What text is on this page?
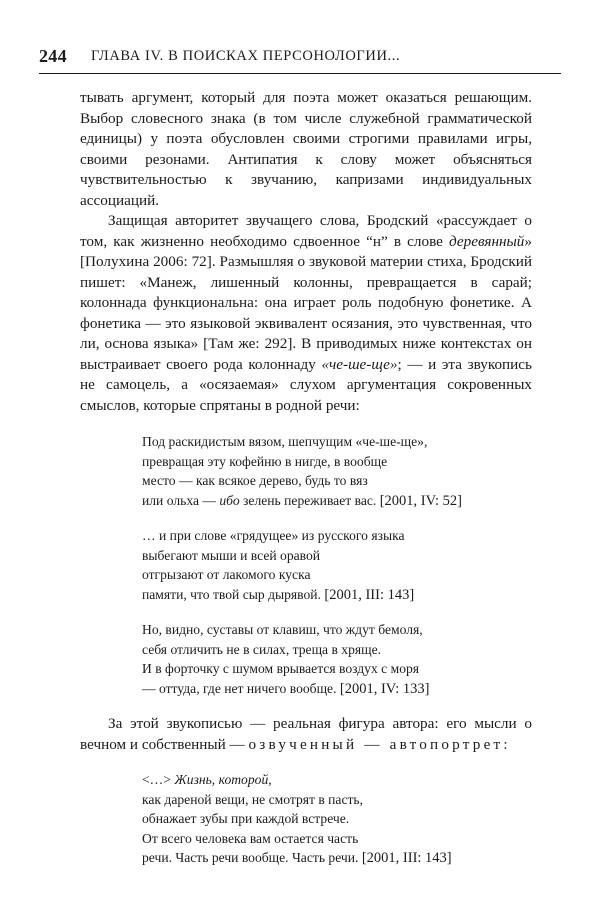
244 ГЛАВА IV. В ПОИСКАХ ПЕРСОНОЛОГИИ...

тывать аргумент, который для поэта может оказаться решающим. Выбор словесного знака (в том числе служебной грамматической единицы) у поэта обусловлен своими строгими правилами игры, своими резонами. Антипатия к слову может объясняться чувствительностью к звучанию, капризами индивидуальных ассоциаций.

Защищая авторитет звучащего слова, Бродский «рассуждает о том, как жизненно необходимо сдвоенное “н” в слове деревянный» [Полухина 2006: 72]. Размышляя о звуковой материи стиха, Бродский пишет: «Манеж, лишенный колонны, превращается в сарай; колоннада функциональна: она играет роль подобную фонетике. А фонетика — это языковой эквивалент осязания, это чувственная, что ли, основа языка» [Там же: 292]. В приводимых ниже контекстах он выстраивает своего рода колоннаду «че-ше-ще»; — и эта звукопись не самоцель, а «осязаемая» слухом аргументация сокровенных смыслов, которые спрятаны в родной речи:

Под раскидистым вязом, шепчущим «че-ше-ще»,
превращая эту кофейню в нигде, в вообще
место — как всякое дерево, будь то вяз
или ольха — ибо зелень переживает вас. [2001, IV: 52]
… и при слове «грядущее» из русского языка
выбегают мыши и всей оравой
отгрызают от лакомого куска
памяти, что твой сыр дырявой. [2001, III: 143]
Но, видно, суставы от клавиш, что ждут бемоля,
себя отличить не в силах, треща в хряще.
И в форточку с шумом врывается воздух с моря
— оттуда, где нет ничего вообще. [2001, IV: 133]

За этой звукописью — реальная фигура автора: его мысли о вечном и собственный — озвученный — автопортрет:

<…> Жизнь, которой,
как дареной вещи, не смотрят в пасть,
обнажает зубы при каждой встрече.
От всего человека вам остается часть
речи. Часть речи вообще. Часть речи. [2001, III: 143]
